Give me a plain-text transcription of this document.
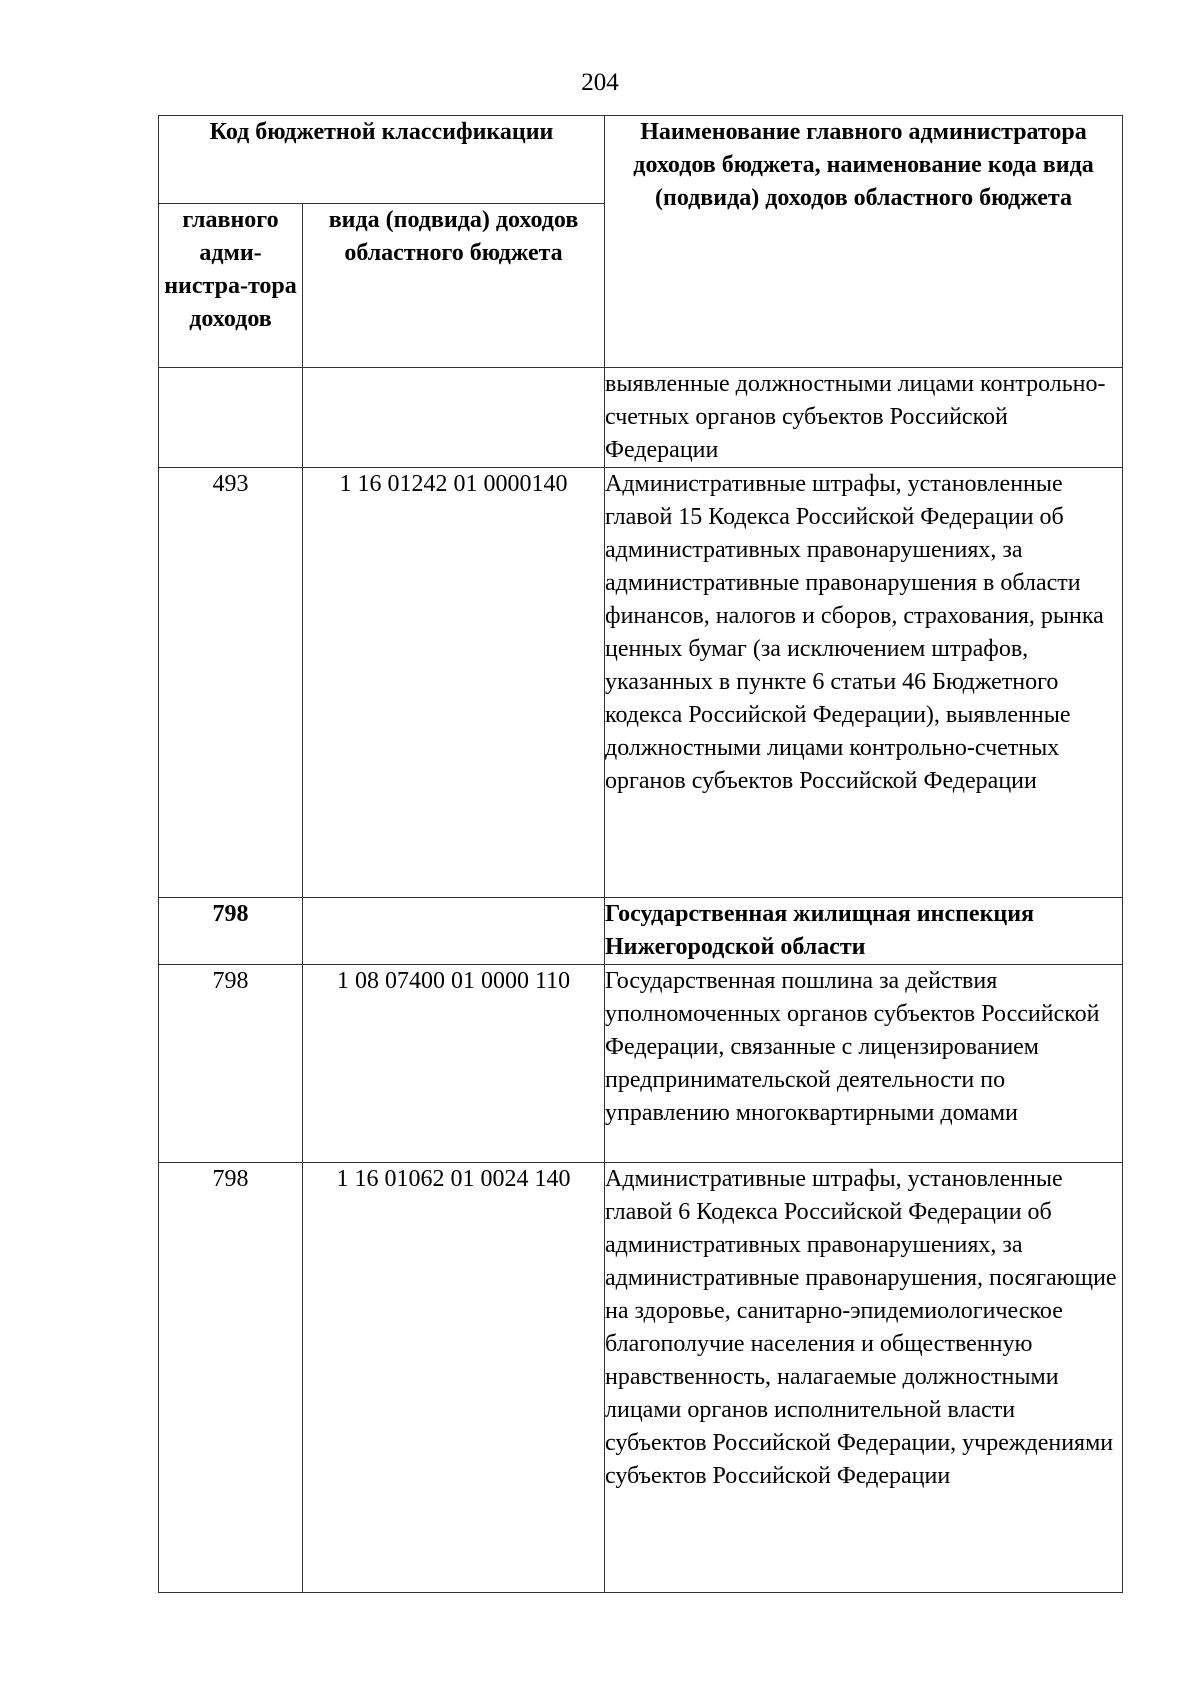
204
Код бюджетной классификации		Наименование главного администратора доходов бюджета, наименование кода вида (подвида) доходов областного бюджета
главного адми-нистра-тора доходов	вида (подвида) доходов областного бюджета	
		выявленные должностными лицами контрольно-счетных органов субъектов Российской Федерации
493	1 16 01242 01 0000140	Административные штрафы, установленные главой 15 Кодекса Российской Федерации об административных правонарушениях, за административные правонарушения в области финансов, налогов и сборов, страхования, рынка ценных бумаг (за исключением штрафов, указанных в пункте 6 статьи 46 Бюджетного кодекса Российской Федерации), выявленные должностными лицами контрольно-счетных органов субъектов Российской Федерации
798		Государственная жилищная инспекция Нижегородской области
798	1 08 07400 01 0000 110	Государственная пошлина за действия уполномоченных органов субъектов Российской Федерации, связанные с лицензированием предпринимательской деятельности по управлению многоквартирными домами
798	1 16 01062 01 0024 140	Административные штрафы, установленные главой 6 Кодекса Российской Федерации об административных правонарушениях, за административные правонарушения, посягающие на здоровье, санитарно-эпидемиологическое благополучие населения и общественную нравственность, налагаемые должностными лицами органов исполнительной власти субъектов Российской Федерации, учреждениями субъектов Российской Федерации
